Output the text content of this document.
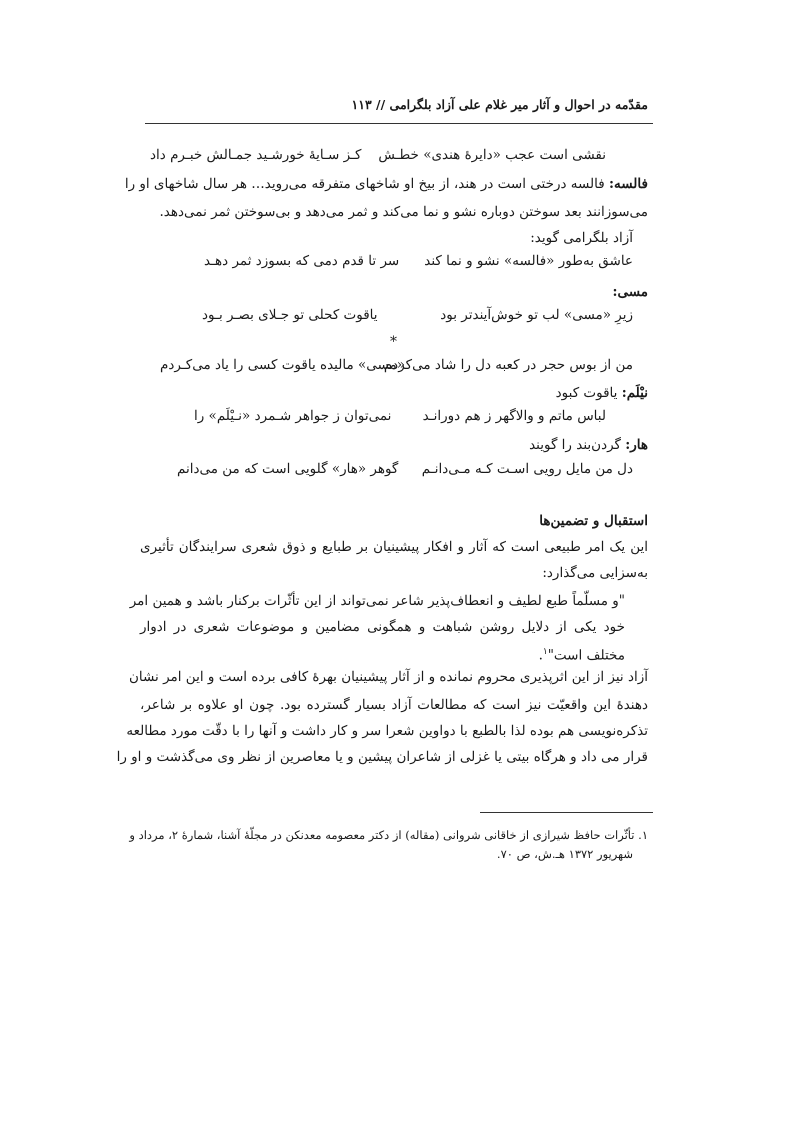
مقدّمه در احوال و آثار میر غلام علی آزاد بلگرامی // ۱۱۳
نقشی است عجب «دایرهٔ هندی» خطـش
کـز سـایهٔ خورشـید جمـالش خبـرم داد
فالسه: فالسه درختی است در هند، از بیخ او شاخهای متفرقه می‌روید… هر سال شاخهای او را
می‌سوزانند بعد سوختن دوباره نشو و نما می‌کند و ثمر می‌دهد و بی‌سوختن ثمر نمی‌دهد.
آزاد بلگرامی گوید:
عاشق به‌طور «فالسه» نشو و نما کند
سر تا قدم دمی که بسوزد ثمر دهـد
مسی:
زیرِ «مسی» لب تو خوش‌آیندتر بود
یاقوت کحلی تو جـلای بصـر بـود
*
من از بوس حجر در کعبه دل را شاد می‌کردم
«مسی» مالیده یاقوت کسی را یاد می‌کـردم
نیْلَم: یاقوت کبود
لباس ماتم و والاگهر ز هم دورانـد
نمی‌توان ز جواهر شـمرد «نـیْلَم» را
هار: گردن‌بند را گویند
دل من مایل رویی اسـت کـه مـی‌دانـم
گوهر «هار» گلویی است که من می‌دانم
استقبال و تضمین‌ها
این یک امر طبیعی است که آثار و افکار پیشینیان بر طبایع و ذوق شعری سرایندگان تأثیری
به‌سزایی می‌گذارد:
"و مسلّماً طبع لطیف و انعطاف‌پذیر شاعر نمی‌تواند از این تأثّرات برکنار باشد و همین امر
خود یکی از دلایل روشن شباهت و همگونی مضامین و موضوعات شعری در ادوار
مختلف است"$^۱$.
آزاد نیز از این اثرپذیری محروم نمانده و از آثار پیشینیان بهرهٔ کافی برده است و این امر نشان
دهندهٔ این واقعیّت نیز است که مطالعات آزاد بسیار گسترده بود. چون او علاوه بر شاعر،
تذکره‌نویسی هم بوده لذا بالطبع با دواوین شعرا سر و کار داشت و آنها را با دقّت مورد مطالعه
قرار می داد و هرگاه بیتی یا غزلی از شاعران پیشین و یا معاصرین از نظر وی می‌گذشت و او را
۱. تأثّرات حافظ شیرازی از خاقانی شروانی (مقاله) از دکتر معصومه معدنکن در مجلّهٔ آشنا، شمارهٔ ۲، مرداد و
شهریور ۱۳۷۲ هـ.ش، ص ۷۰.
